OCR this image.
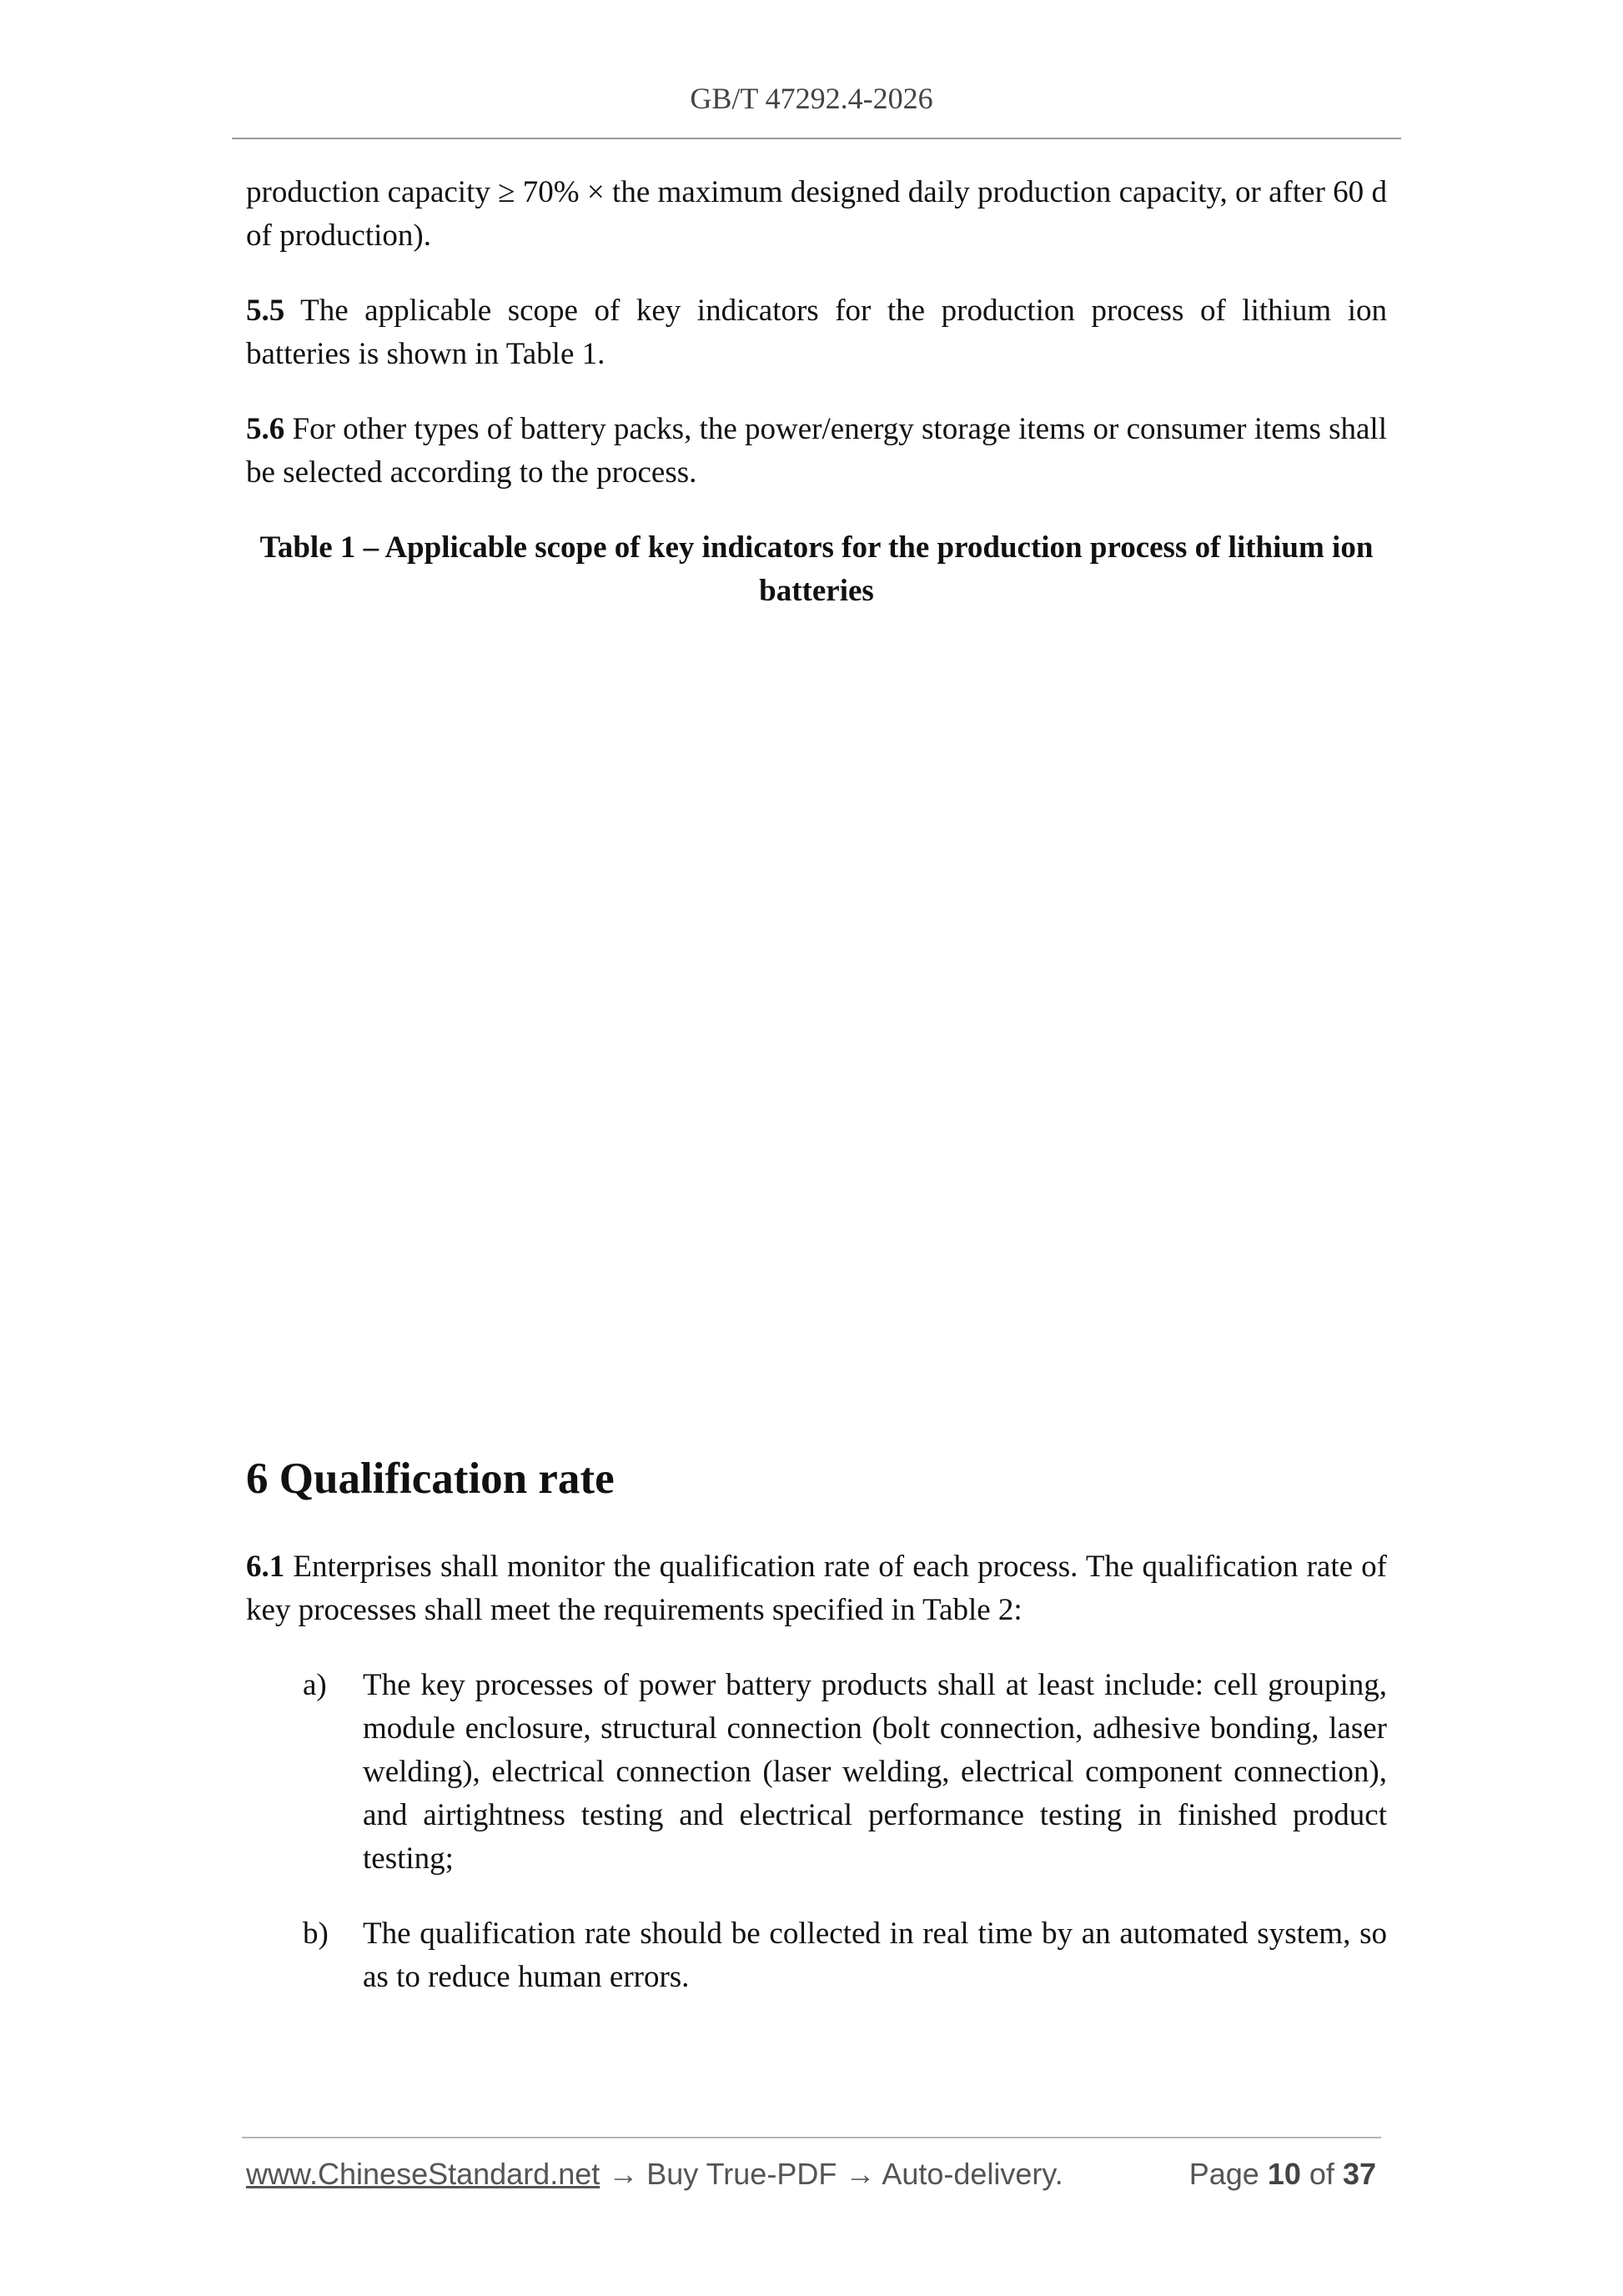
GB/T 47292.4-2026

production capacity ≥ 70% × the maximum designed daily production capacity, or after 60 d of production).

5.5 The applicable scope of key indicators for the production process of lithium ion batteries is shown in Table 1.

5.6 For other types of battery packs, the power/energy storage items or consumer items shall be selected according to the process.

Table 1 – Applicable scope of key indicators for the production process of lithium ion batteries

6 Qualification rate

6.1 Enterprises shall monitor the qualification rate of each process. The qualification rate of key processes shall meet the requirements specified in Table 2:

a) The key processes of power battery products shall at least include: cell grouping, module enclosure, structural connection (bolt connection, adhesive bonding, laser welding), electrical connection (laser welding, electrical component connection), and airtightness testing and electrical performance testing in finished product testing;
b) The qualification rate should be collected in real time by an automated system, so as to reduce human errors.
www.ChineseStandard.net → Buy True-PDF → Auto-delivery.	Page 10 of 37
